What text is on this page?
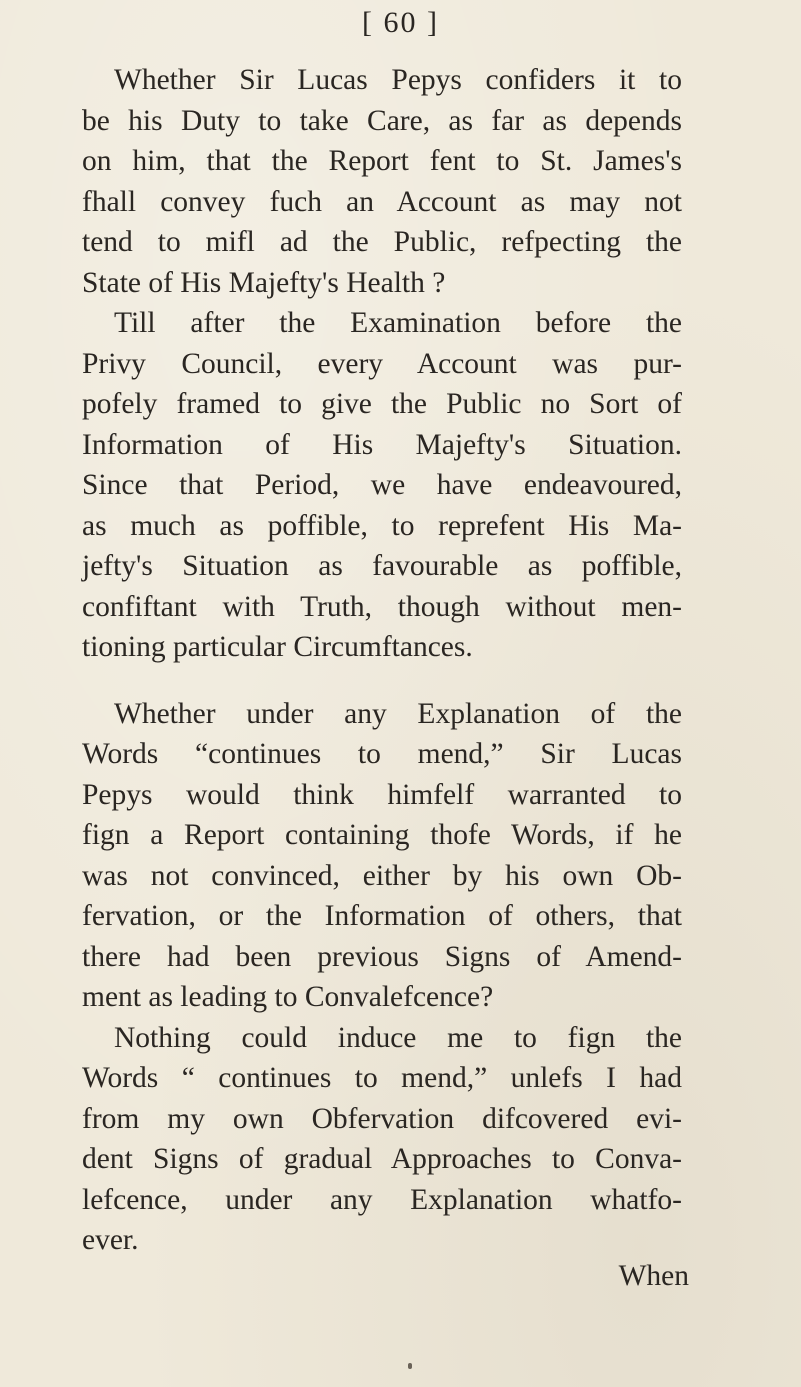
[ 60 ]
Whether Sir Lucas Pepys confiders it to
be his Duty to take Care, as far as depends
on him, that the Report fent to St. James's
fhall convey fuch an Account as may not
tend to mifl ad the Public, refpecting the
State of His Majefty's Health ?
Till after the Examination before the
Privy Council, every Account was pur-
pofely framed to give the Public no Sort of
Information of His Majefty's Situation.
Since that Period, we have endeavoured,
as much as poffible, to reprefent His Ma-
jefty's Situation as favourable as poffible,
confiftant with Truth, though without men-
tioning particular Circumftances.
Whether under any Explanation of the
Words “continues to mend,” Sir Lucas
Pepys would think himfelf warranted to
fign a Report containing thofe Words, if he
was not convinced, either by his own Ob-
fervation, or the Information of others, that
there had been previous Signs of Amend-
ment as leading to Convalefcence?
Nothing could induce me to fign the
Words “ continues to mend,” unlefs I had
from my own Obfervation difcovered evi-
dent Signs of gradual Approaches to Conva-
lefcence, under any Explanation whatfo-
ever.
When
